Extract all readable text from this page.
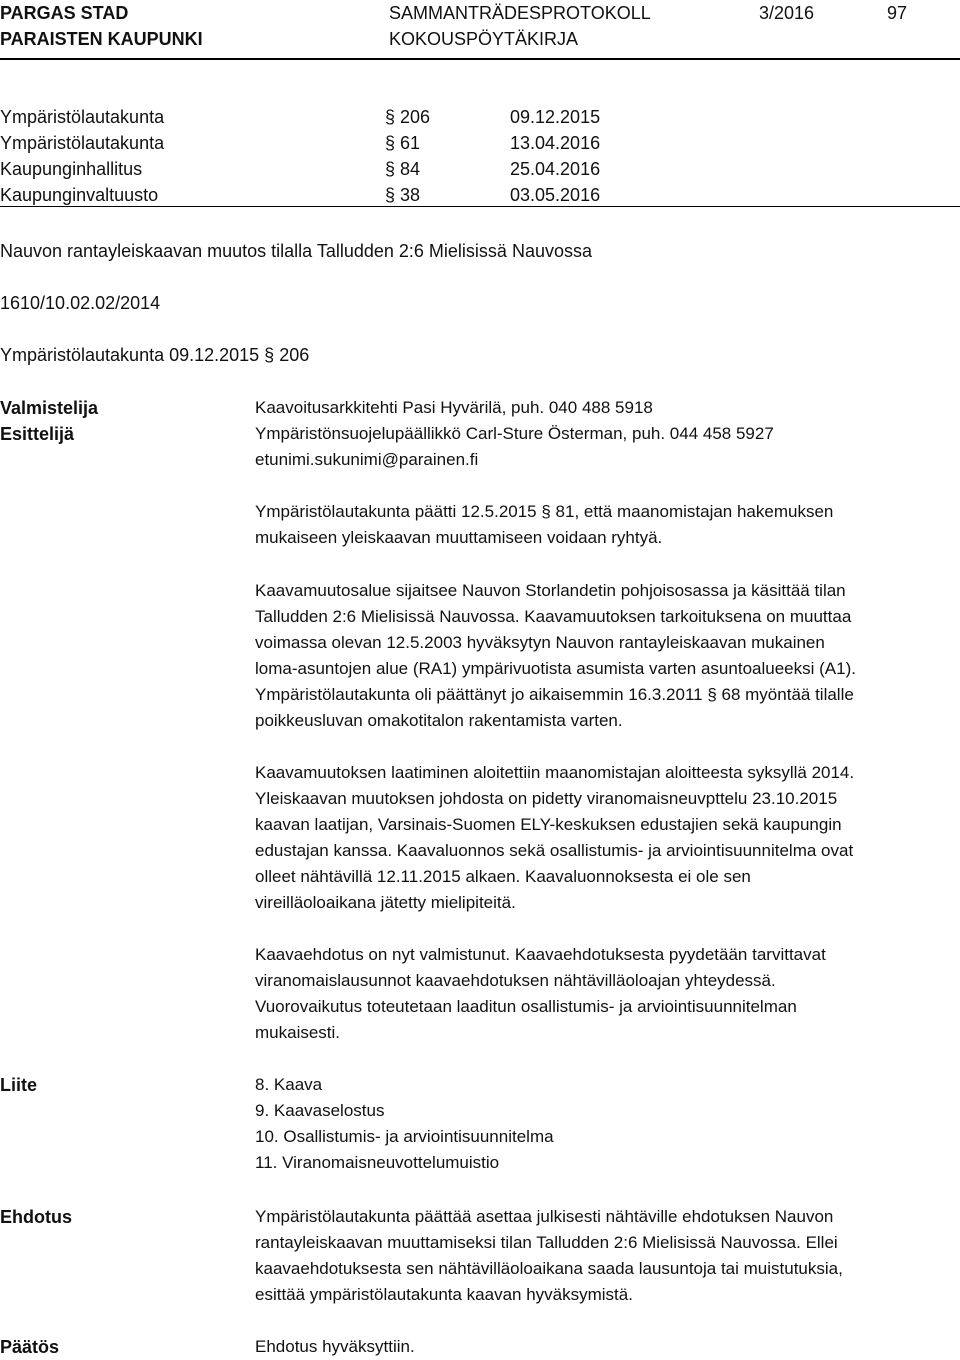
PARGAS STAD
PARAISTEN KAUPUNKI
SAMMANTRÄDESPROTOKOLL
KOKOUSPÖYTÄKIRJA
3/2016	97
Ympäristölautakunta	§ 206	09.12.2015
Ympäristölautakunta	§ 61	13.04.2016
Kaupunginhallitus	§ 84	25.04.2016
Kaupunginvaltuusto	§ 38	03.05.2016
Nauvon rantayleiskaavan muutos tilalla Talludden 2:6 Mielisissä Nauvossa
1610/10.02.02/2014
Ympäristölautakunta 09.12.2015 § 206
Valmistelija	Kaavoitusarkkitehti Pasi Hyvärilä, puh. 040 488 5918
Esittelijä	Ympäristönsuojelupäällikkö Carl-Sture Österman, puh. 044 458 5927
etunimi.sukunimi@parainen.fi
Ympäristölautakunta päätti 12.5.2015 § 81, että maanomistajan hakemuksen
mukaiseen yleiskaavan muuttamiseen voidaan ryhtyä.
Kaavamuutosalue sijaitsee Nauvon Storlandetin pohjoisosassa ja käsittää tilan
Talludden 2:6 Mielisissä Nauvossa. Kaavamuutoksen tarkoituksena on muuttaa
voimassa olevan 12.5.2003 hyväksytyn Nauvon rantayleiskaavan mukainen
loma-asuntojen alue (RA1) ympärivuotista asumista varten asuntoalueeksi (A1).
Ympäristölautakunta oli päättänyt jo aikaisemmin 16.3.2011 § 68 myöntää tilalle
poikkeusluvan omakotitalon rakentamista varten.
Kaavamuutoksen laatiminen aloitettiin maanomistajan aloitteesta syksyllä 2014.
Yleiskaavan muutoksen johdosta on pidetty viranomaisneuvpttelu 23.10.2015
kaavan laatijan, Varsinais-Suomen ELY-keskuksen edustajien sekä kaupungin
edustajan kanssa. Kaavaluonnos sekä osallistumis- ja arviointisuunnitelma ovat
olleet nähtävillä 12.11.2015 alkaen. Kaavaluonnoksesta ei ole sen
vireilläoloaikana jätetty mielipiteitä.
Kaavaehdotus on nyt valmistunut. Kaavaehdotuksesta pyydetään tarvittavat
viranomaislausunnot kaavaehdotuksen nähtävilläoloajan yhteydessä.
Vuorovaikutus toteutetaan laaditun osallistumis- ja arviointisuunnitelman
mukaisesti.
Liite	8. Kaava
9. Kaavaselostus
10. Osallistumis- ja arviointisuunnitelma
11. Viranomaisneuvottelumuistio
Ehdotus	Ympäristölautakunta päättää asettaa julkisesti nähtäville ehdotuksen Nauvon
rantayleiskaavan muuttamiseksi tilan Talludden 2:6 Mielisissä Nauvossa. Ellei
kaavaehdotuksesta sen nähtävilläoloaikana saada lausuntoja tai muistutuksia,
esittää ympäristölautakunta kaavan hyväksymistä.
Päätös	Ehdotus hyväksyttiin.
